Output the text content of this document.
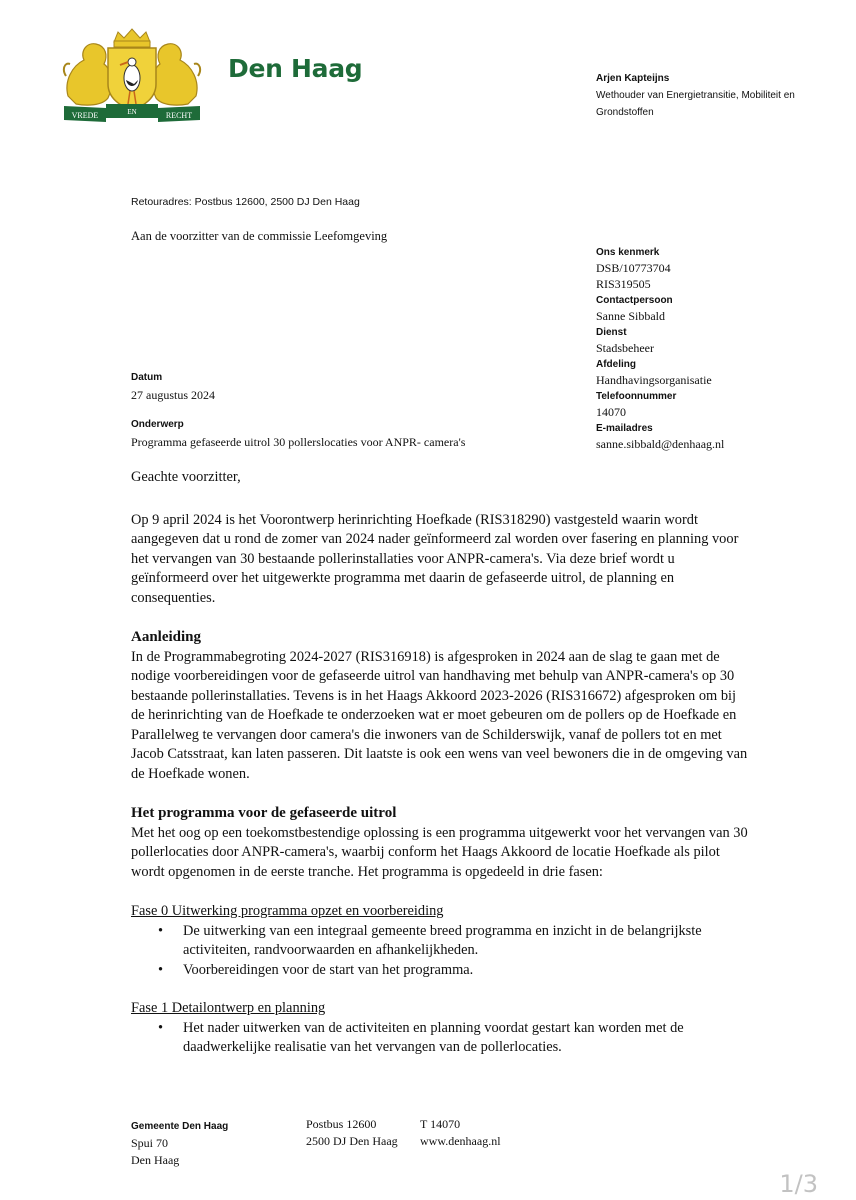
VREDE	EN	RECHT
Den Haag	Arjen Kapteijns
Wethouder van Energietransitie, Mobiliteit en Grondstoffen
Retouradres: Postbus 12600, 2500 DJ Den Haag
Aan de voorzitter van de commissie Leefomgeving
Ons kenmerk
DSB/10773704
RIS319505
Contactpersoon
Sanne Sibbald
Dienst
Stadsbeheer
Afdeling
Handhavingsorganisatie
Telefoonnummer
14070
E-mailadres
sanne.sibbald@denhaag.nl
Datum
27 augustus 2024
Onderwerp
Programma gefaseerde uitrol 30 pollerslocaties voor ANPR- camera's

Geachte voorzitter,

Op 9 april 2024 is het Voorontwerp herinrichting Hoefkade (RIS318290) vastgesteld waarin wordt aangegeven dat u rond de zomer van 2024 nader geïnformeerd zal worden over fasering en planning voor het vervangen van 30 bestaande pollerinstallaties voor ANPR-camera's. Via deze brief wordt u geïnformeerd over het uitgewerkte programma met daarin de gefaseerde uitrol, de planning en consequenties.

Aanleiding

In de Programmabegroting 2024-2027 (RIS316918) is afgesproken in 2024 aan de slag te gaan met de nodige voorbereidingen voor de gefaseerde uitrol van handhaving met behulp van ANPR-camera's op 30 bestaande pollerinstallaties. Tevens is in het Haags Akkoord 2023-2026 (RIS316672) afgesproken om bij de herinrichting van de Hoefkade te onderzoeken wat er moet gebeuren om de pollers op de Hoefkade en Parallelweg te vervangen door camera's die inwoners van de Schilderswijk, vanaf de pollers tot en met Jacob Catsstraat, kan laten passeren. Dit laatste is ook een wens van veel bewoners die in de omgeving van de Hoefkade wonen.

Het programma voor de gefaseerde uitrol

Met het oog op een toekomstbestendige oplossing is een programma uitgewerkt voor het vervangen van 30 pollerlocaties door ANPR-camera's, waarbij conform het Haags Akkoord de locatie Hoefkade als pilot wordt opgenomen in de eerste tranche. Het programma is opgedeeld in drie fasen:

Fase 0 Uitwerking programma opzet en voorbereiding

• De uitwerking van een integraal gemeente breed programma en inzicht in de belangrijkste activiteiten, randvoorwaarden en afhankelijkheden.
• Voorbereidingen voor de start van het programma.

Fase 1 Detailontwerp en planning

• Het nader uitwerken van de activiteiten en planning voordat gestart kan worden met de daadwerkelijke realisatie van het vervangen van de pollerlocaties.
Gemeente Den Haag
Spui 70
Den Haag
Postbus 12600
2500 DJ Den Haag
T 14070
www.denhaag.nl
1/3
